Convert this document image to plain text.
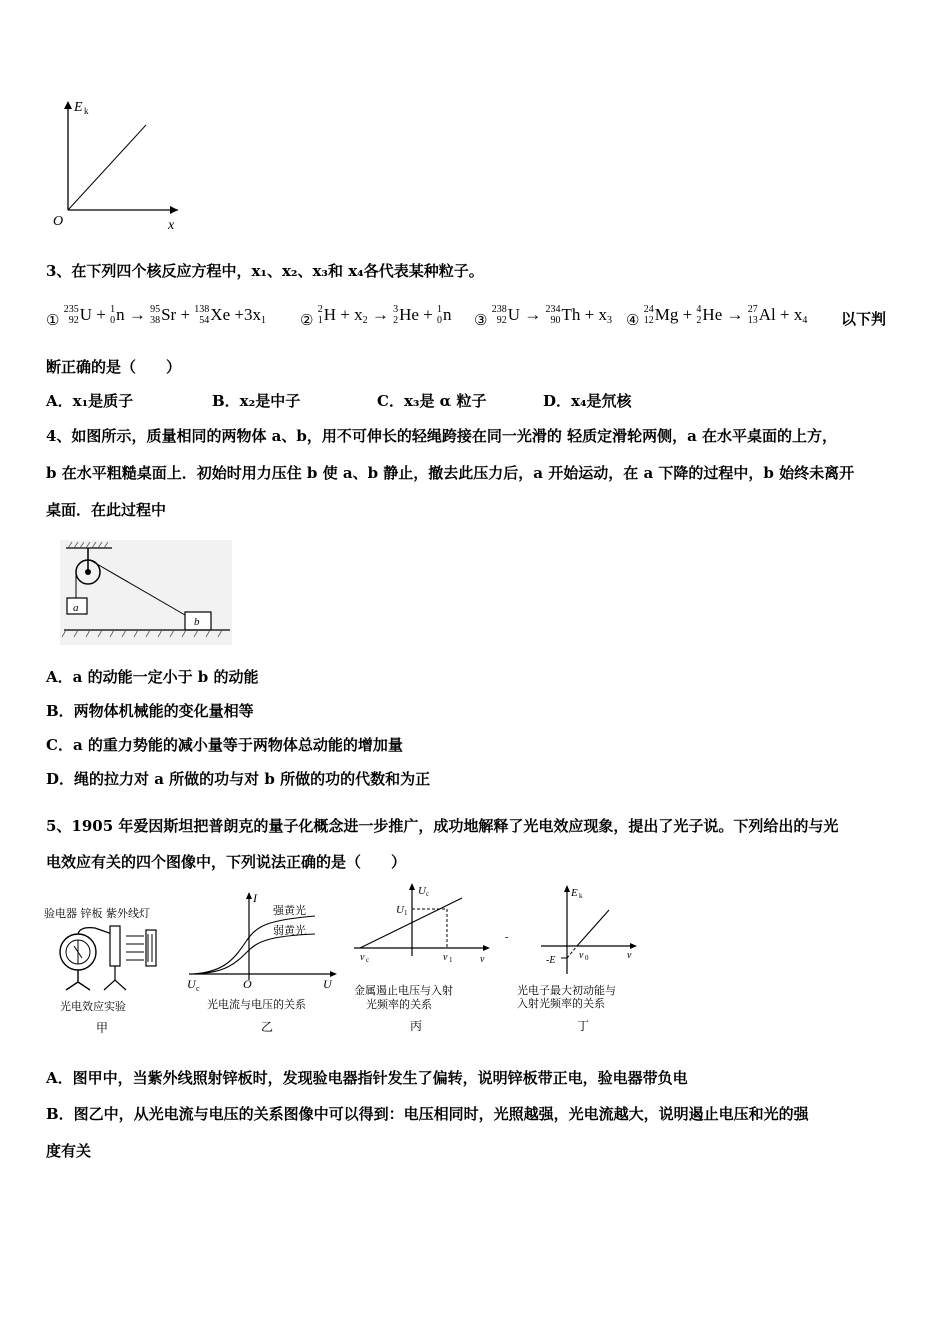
E k
O	x
3、在下列四个核反应方程中，x₁、x₂、x₃和 x₄各代表某种粒子。
①
235
92 U + 1
0 n → 95
38 Sr + 138
54 $Xe +3x_1$ ②
2
1 $H + x_2 \to 3$
2 He + 1
0 n ③
238
92 U → 234
90 $Th + x_3$ ④
24
12 Mg + 4
2 He → 27
13 $Al + x_4$ 以下判
断正确的是（　　）
A．x₁是质子	B．x₂是中子	C．x₃是 α 粒子	D．x₄是氘核
4、如图所示，质量相同的两物体 a、b，用不可伸长的轻绳跨接在同一光滑的 轻质定滑轮两侧，a 在水平桌面的上方，
b 在水平粗糙桌面上．初始时用力压住 b 使 a、b 静止，撤去此压力后，a 开始运动，在 a 下降的过程中，b 始终未离开
桌面．在此过程中
a
b
A．a 的动能一定小于 b 的动能
B．两物体机械能的变化量相等
C．a 的重力势能的减小量等于两物体总动能的增加量
D．绳的拉力对 a 所做的功与对 b 所做的功的代数和为正
5、1905 年爱因斯坦把普朗克的量子化概念进一步推广，成功地解释了光电效应现象，提出了光子说。下列给出的与光
电效应有关的四个图像中，下列说法正确的是（　　）
验电器 锌板 紫外线灯
光电效应实验
甲
I
强黄光
弱黄光
U c	O	U
光电流与电压的关系
乙
U c
U 1
ν c	ν 1	ν
金属遏止电压与入射
光频率的关系
丙
-
E k
-E ν 0	ν
光电子最大初动能与
入射光频率的关系
丁
A．图甲中，当紫外线照射锌板时，发现验电器指针发生了偏转，说明锌板带正电，验电器带负电
B．图乙中，从光电流与电压的关系图像中可以得到：电压相同时，光照越强，光电流越大，说明遏止电压和光的强
度有关
